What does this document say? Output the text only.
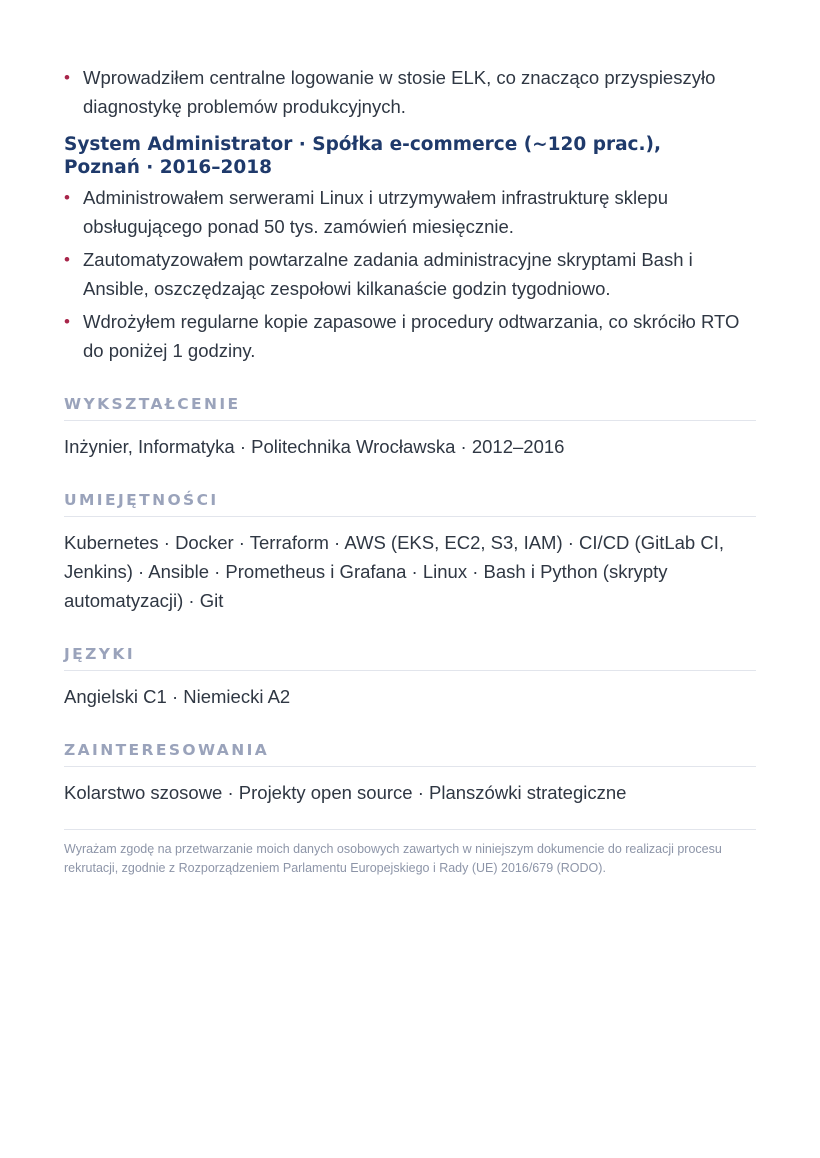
• Wprowadziłem centralne logowanie w stosie ELK, co znacząco przyspieszyło diagnostykę problemów produkcyjnych.
System Administrator · Spółka e-commerce (~120 prac.), Poznań · 2016–2018
• Administrowałem serwerami Linux i utrzymywałem infrastrukturę sklepu obsługującego ponad 50 tys. zamówień miesięcznie.
• Zautomatyzowałem powtarzalne zadania administracyjne skryptami Bash i Ansible, oszczędzając zespołowi kilkanaście godzin tygodniowo.
• Wdrożyłem regularne kopie zapasowe i procedury odtwarzania, co skróciło RTO do poniżej 1 godziny.
WYKSZTAŁCENIE
Inżynier, Informatyka · Politechnika Wrocławska · 2012–2016
UMIEJĘTNOŚCI
Kubernetes · Docker · Terraform · AWS (EKS, EC2, S3, IAM) · CI/CD (GitLab CI, Jenkins) · Ansible · Prometheus i Grafana · Linux · Bash i Python (skrypty automatyzacji) · Git
JĘZYKI
Angielski C1 · Niemiecki A2
ZAINTERESOWANIA
Kolarstwo szosowe · Projekty open source · Planszówki strategiczne
Wyrażam zgodę na przetwarzanie moich danych osobowych zawartych w niniejszym dokumencie do realizacji procesu rekrutacji, zgodnie z Rozporządzeniem Parlamentu Europejskiego i Rady (UE) 2016/679 (RODO).
